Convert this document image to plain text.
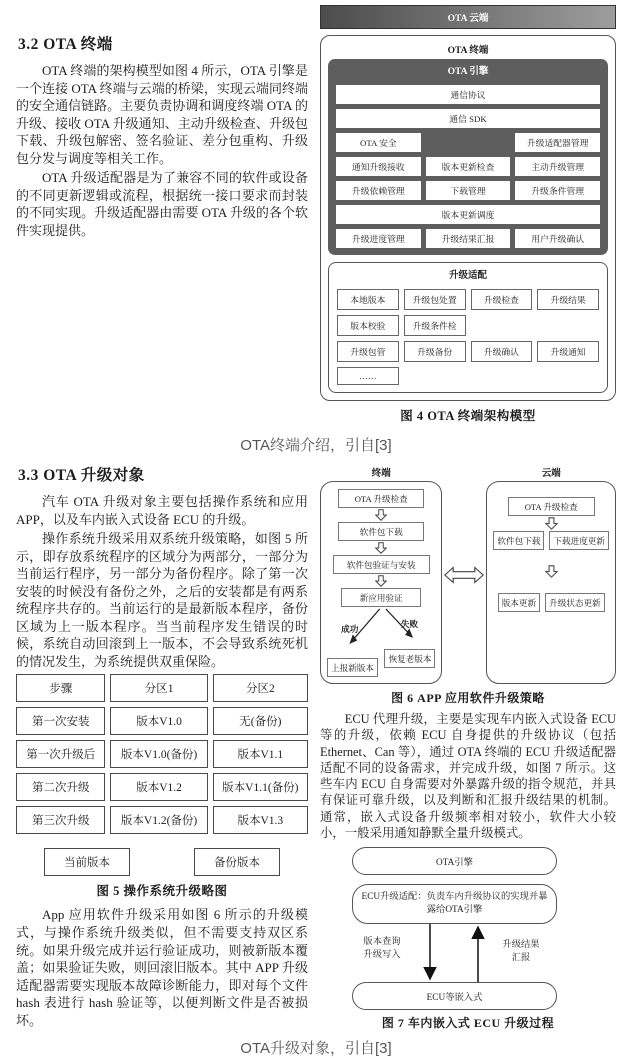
3.2 OTA 终端

OTA 终端的架构模型如图 4 所示，OTA 引擎是一个连接 OTA 终端与云端的桥梁，实现云端同终端的安全通信链路。主要负责协调和调度终端 OTA 的升级、接收 OTA 升级通知、主动升级检查、升级包下载、升级包解密、签名验证、差分包重构、升级包分发与调度等相关工作。

OTA 升级适配器是为了兼容不同的软件或设备的不同更新逻辑或流程，根据统一接口要求而封装的不同实现。升级适配器由需要 OTA 升级的各个软件实现提供。

OTA 云端
OTA 终端
OTA 引擎
通信协议
通信 SDK
OTA 安全	升级适配器管理
通知升级接收	版本更新检查	主动升级管理
升级依赖管理	下载管理	升级条件管理
版本更新调度
升级进度管理	升级结果汇报	用户升级确认
升级适配
本地版本	升级包处置	升级检查	升级结果
版本校验	升级条件检
升级包管	升级备份	升级确认	升级通知
……
图 4 OTA 终端架构模型
OTA终端介绍，引自[3]
3.3 OTA 升级对象

汽车 OTA 升级对象主要包括操作系统和应用 APP，以及车内嵌入式设备 ECU 的升级。

操作系统升级采用双系统升级策略，如图 5 所示，即存放系统程序的区域分为两部分，一部分为当前运行程序，另一部分为备份程序。除了第一次安装的时候没有备份之外，之后的安装都是有两系统程序共存的。当前运行的是最新版本程序，备份区域为上一版本程序。当当前程序发生错误的时候，系统自动回滚到上一版本，不会导致系统死机的情况发生，为系统提供双重保险。

步骤	分区1	分区2
第一次安装	版本V1.0	无(备份)
第一次升级后	版本V1.0(备份)	版本V1.1
第二次升级	版本V1.2	版本V1.1(备份)
第三次升级	版本V1.2(备份)	版本V1.3
当前版本	备份版本
图 5 操作系统升级略图

App 应用软件升级采用如图 6 所示的升级模式，与操作系统升级类似，但不需要支持双区系统。如果升级完成并运行验证成功，则被新版本覆盖；如果验证失败，则回滚旧版本。其中 APP 升级适配器需要实现版本故障诊断能力，即对每个文件 hash 表进行 hash 验证等，以便判断文件是否被损坏。

终端
OTA 升级检查
软件包下载
软件包验证与安装
新应用验证
成功
失败
上报新版本
恢复老版本
云端
OTA 升级检查
软件包下载	下载进度更新
版本更新	升级状态更新
图 6 APP 应用软件升级策略

ECU 代理升级，主要是实现车内嵌入式设备 ECU 等的升级，依赖 ECU 自身提供的升级协议（包括 Ethernet、Can 等），通过 OTA 终端的 ECU 升级适配器适配不同的设备需求，并完成升级，如图 7 所示。这些车内 ECU 自身需要对外暴露升级的指令规范，并具有保证可靠升级，以及判断和汇报升级结果的机制。通常，嵌入式设备升级频率相对较小，软件大小较小，一般采用通知静默全量升级模式。

OTA引擎
ECU升级适配：负责车内升级协议的实现并暴露给OTA引擎
版本查询
升级写入
升级结果
汇报
ECU等嵌入式
图 7 车内嵌入式 ECU 升级过程
OTA升级对象，引自[3]
